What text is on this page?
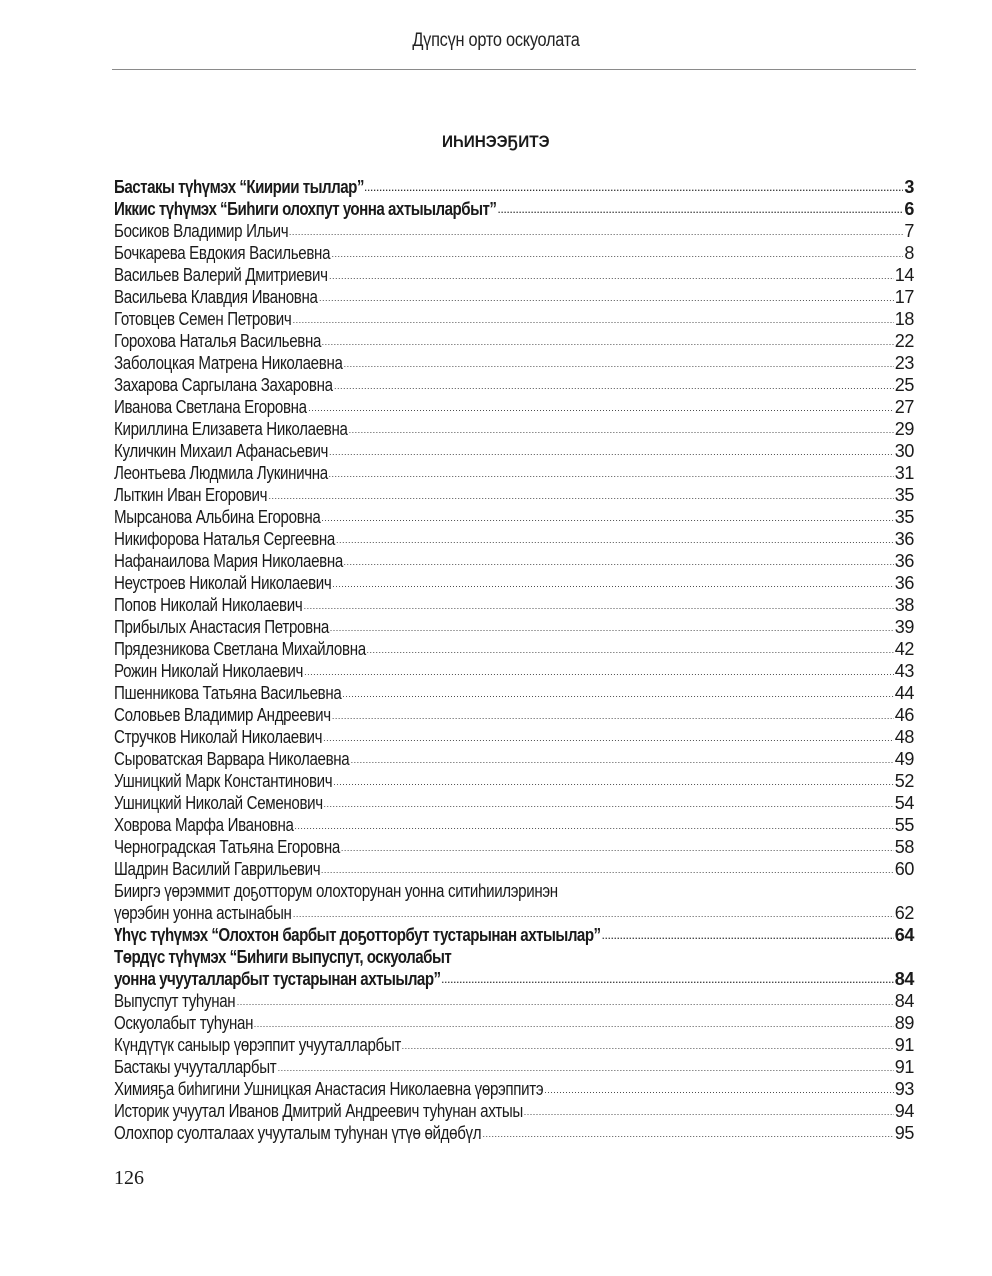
Дүпсүн орто оскуолата
ИҺИНЭЭҔИТЭ
Бастакы түһүмэх “Киирии тыллар” .....	3
Иккис түһүмэх “Биһиги олохпут уонна ахтыыларбыт” .....	6
Босиков Владимир Ильич .....	7
Бочкарева Евдокия Васильевна .....	8
Васильев Валерий Дмитриевич .....	14
Васильева Клавдия Ивановна .....	17
Готовцев Семен Петрович .....	18
Горохова Наталья Васильевна .....	22
Заболоцкая Матрена Николаевна .....	23
Захарова Саргылана Захаровна .....	25
Иванова Светлана Егоровна .....	27
Кириллина Елизавета Николаевна .....	29
Куличкин Михаил Афанасьевич .....	30
Леонтьева Людмила Лукинична .....	31
Лыткин Иван Егорович .....	35
Мырсанова Альбина Егоровна .....	35
Никифорова Наталья Сергеевна .....	36
Нафанаилова Мария Николаевна .....	36
Неустроев Николай Николаевич .....	36
Попов Николай Николаевич .....	38
Прибылых Анастасия Петровна .....	39
Прядезникова Светлана Михайловна .....	42
Рожин Николай Николаевич .....	43
Пшенникова Татьяна Васильевна .....	44
Соловьев Владимир Андреевич .....	46
Стручков Николай Николаевич .....	48
Сыроватская Варвара Николаевна .....	49
Ушницкий Марк Константинович .....	52
Ушницкий Николай Семенович .....	54
Ховрова Марфа Ивановна .....	55
Черноградская Татьяна Егоровна .....	58
Шадрин Василий Гаврильевич .....	60
Бииргэ үөрэммит доҕотторум олохторунан уонна ситиһиилэринэн
үөрэбин уонна астынабын .....	62
Үһүс түһүмэх “Олохтон барбыт доҕотторбут тустарынан ахтыылар” .....	64
Төрдүс түһүмэх “Биһиги выпуспут, оскуолабыт
уонна учууталларбыт тустарынан ахтыылар” .....	84
Выпуспут туһунан .....	84
Оскуолабыт туһунан .....	89
Күндүтүк саныыр үөрэппит учууталларбыт .....	91
Бастакы учууталларбыт .....	91
Химияҕа биһигини Ушницкая Анастасия Николаевна үөрэппитэ .....	93
Историк учуутал Иванов Дмитрий Андреевич туһунан ахтыы .....	94
Олохпор суолталаах учууталым туһунан үтүө өйдөбүл .....	95
126
